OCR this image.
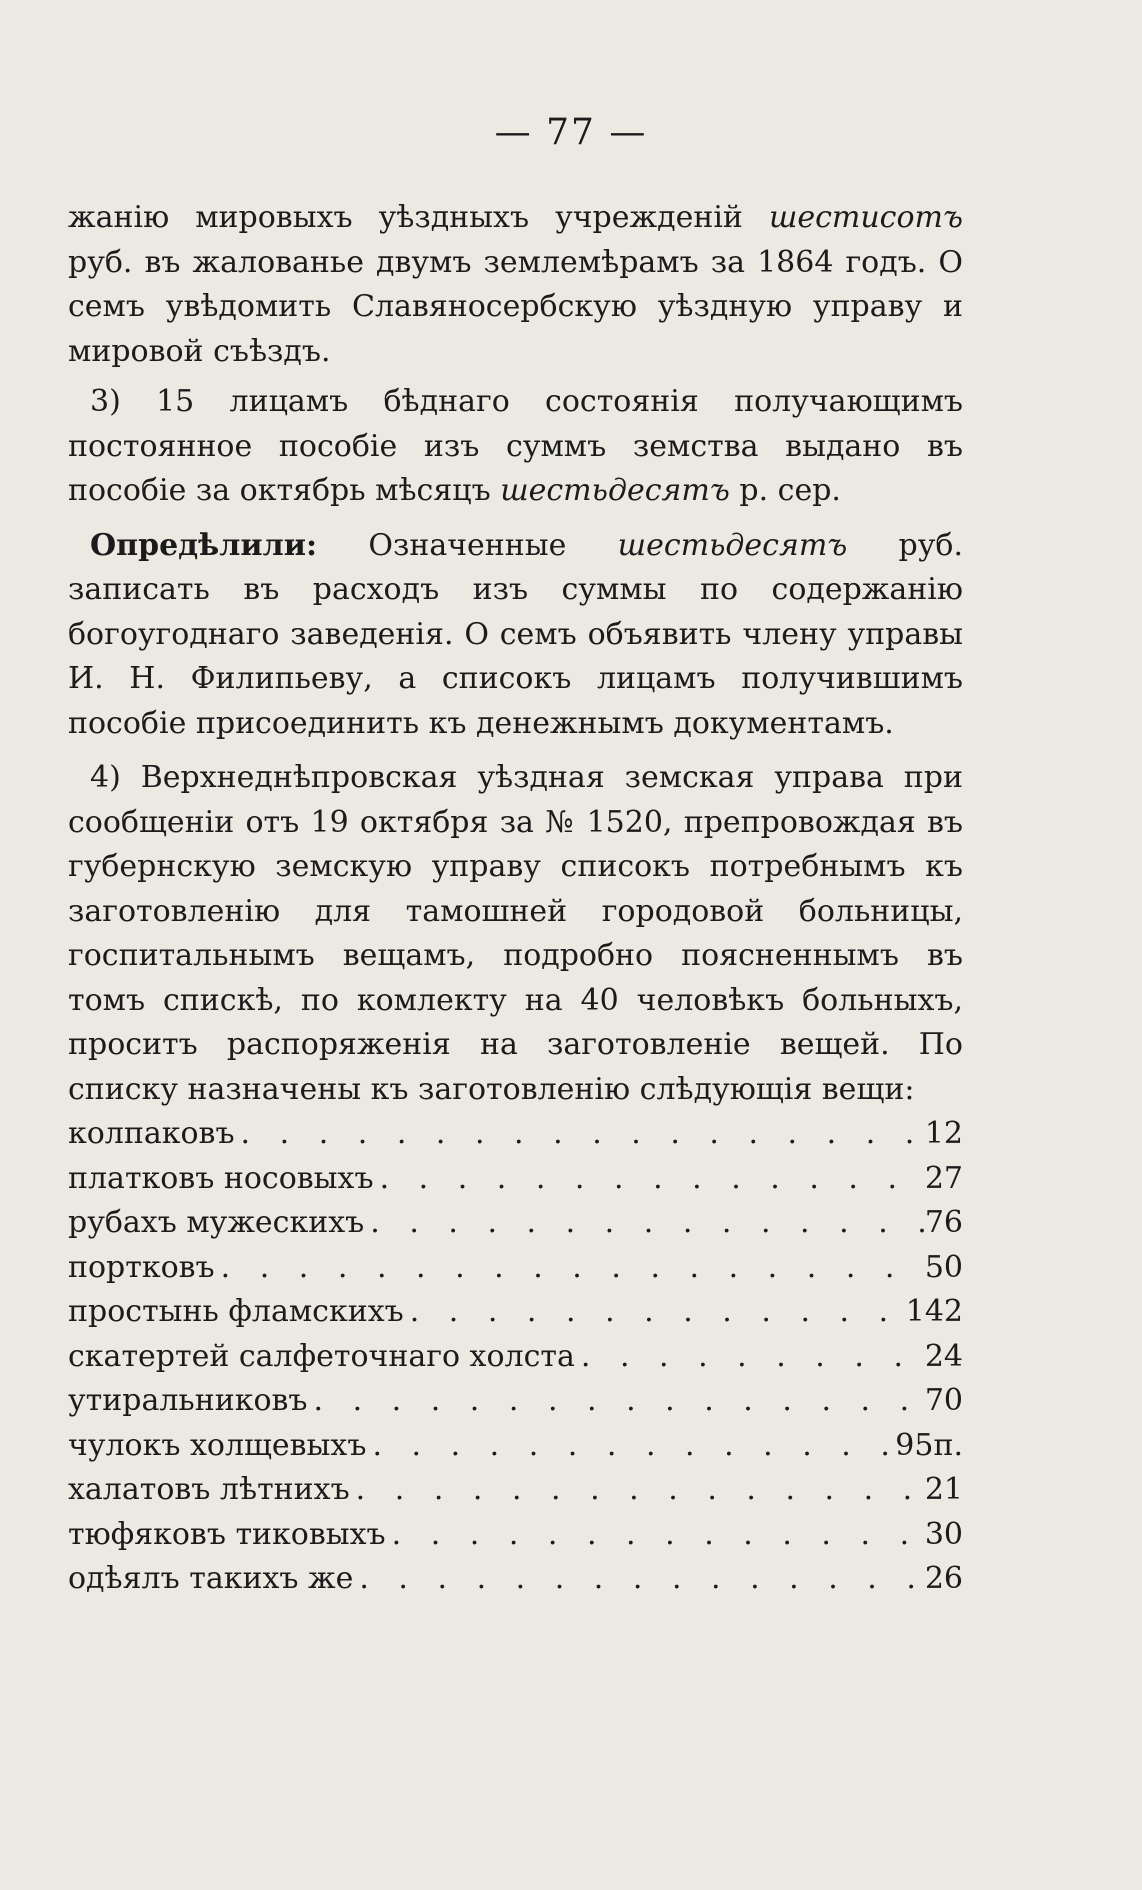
— 77 —

жанію мировыхъ уѣздныхъ учрежденій шестисотъ руб. въ жалованье двумъ землемѣрамъ за 1864 годъ. О семъ увѣдомить Славяносербскую уѣздную управу и мировой съѣздъ.

3) 15 лицамъ бѣднаго состоянія получающимъ постоянное пособіе изъ суммъ земства выдано въ пособіе за октябрь мѣсяцъ шестьдесятъ р. сер.

Опредѣлили: Означенные шестьдесятъ руб. записать въ расходъ изъ суммы по содержанію богоугоднаго заведенія. О семъ объявить члену управы И. Н. Филипьеву, а списокъ лицамъ получившимъ пособіе присоединить къ денежнымъ документамъ.

4) Верхнеднѣпровская уѣздная земская управа при сообщеніи отъ 19 октября за № 1520, препровождая въ губернскую земскую управу списокъ потребнымъ къ заготовленію для тамошней городовой больницы, госпитальнымъ вещамъ, подробно поясненнымъ въ томъ спискѣ, по комлекту на 40 человѣкъ больныхъ, проситъ распоряженія на заготовленіе вещей. По списку назначены къ заготовленію слѣдующія вещи:

колпаковъ . . .	12
платковъ носовыхъ . . .	27
рубахъ мужескихъ . . .	76
портковъ . . .	50
простынь фламскихъ . . .	142
скатертей салфеточнаго холста . . .	24
утиральниковъ . . .	70
чулокъ холщевыхъ . . .	95п.
халатовъ лѣтнихъ . . .	21
тюфяковъ тиковыхъ . . .	30
одѣялъ такихъ же . . .	26
